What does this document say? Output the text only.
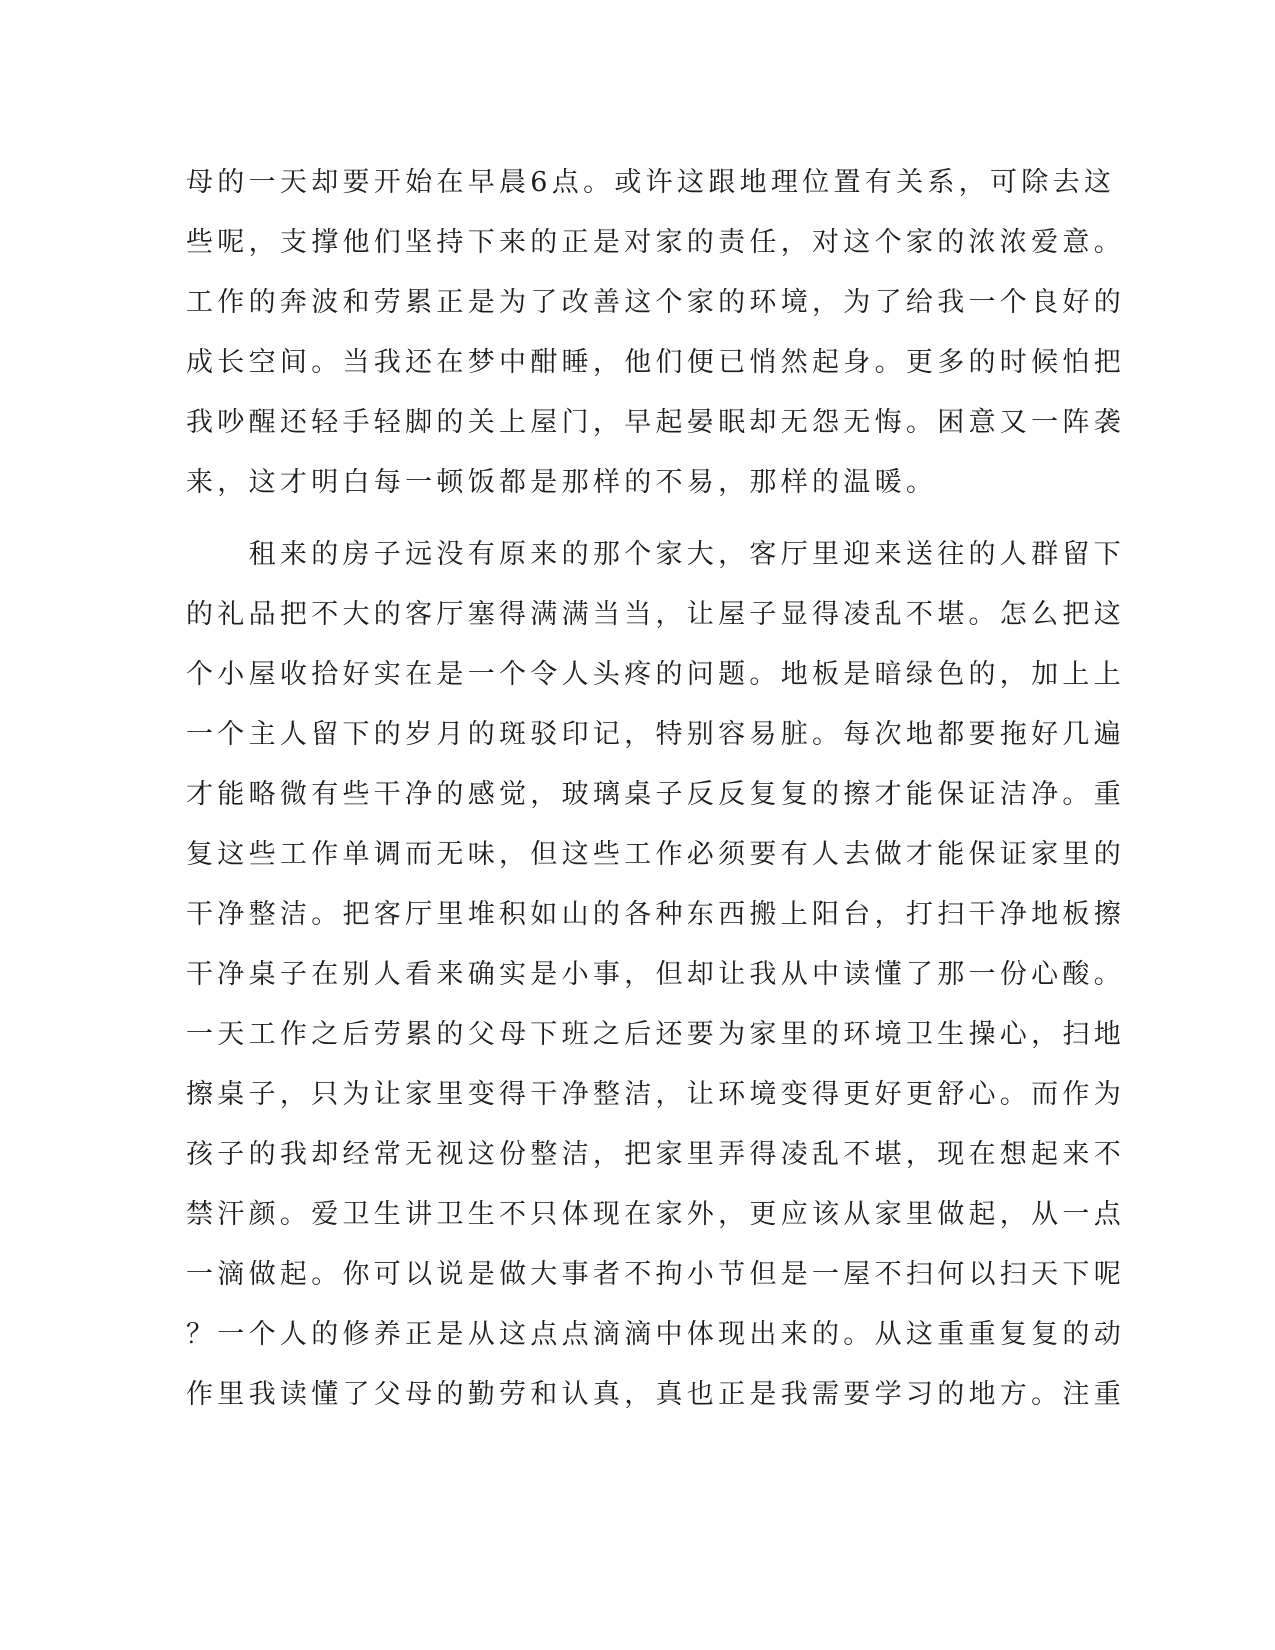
母的一天却要开始在早晨6点。或许这跟地理位置有关系，可除去这
些呢，支撑他们坚持下来的正是对家的责任，对这个家的浓浓爱意。
工作的奔波和劳累正是为了改善这个家的环境，为了给我一个良好的
成长空间。当我还在梦中酣睡，他们便已悄然起身。更多的时候怕把
我吵醒还轻手轻脚的关上屋门，早起晏眠却无怨无悔。困意又一阵袭
来，这才明白每一顿饭都是那样的不易，那样的温暖。
　　租来的房子远没有原来的那个家大，客厅里迎来送往的人群留下
的礼品把不大的客厅塞得满满当当，让屋子显得凌乱不堪。怎么把这
个小屋收拾好实在是一个令人头疼的问题。地板是暗绿色的，加上上
一个主人留下的岁月的斑驳印记，特别容易脏。每次地都要拖好几遍
才能略微有些干净的感觉，玻璃桌子反反复复的擦才能保证洁净。重
复这些工作单调而无味，但这些工作必须要有人去做才能保证家里的
干净整洁。把客厅里堆积如山的各种东西搬上阳台，打扫干净地板擦
干净桌子在别人看来确实是小事，但却让我从中读懂了那一份心酸。
一天工作之后劳累的父母下班之后还要为家里的环境卫生操心，扫地
擦桌子，只为让家里变得干净整洁，让环境变得更好更舒心。而作为
孩子的我却经常无视这份整洁，把家里弄得凌乱不堪，现在想起来不
禁汗颜。爱卫生讲卫生不只体现在家外，更应该从家里做起，从一点
一滴做起。你可以说是做大事者不拘小节但是一屋不扫何以扫天下呢
？一个人的修养正是从这点点滴滴中体现出来的。从这重重复复的动
作里我读懂了父母的勤劳和认真，真也正是我需要学习的地方。注重
